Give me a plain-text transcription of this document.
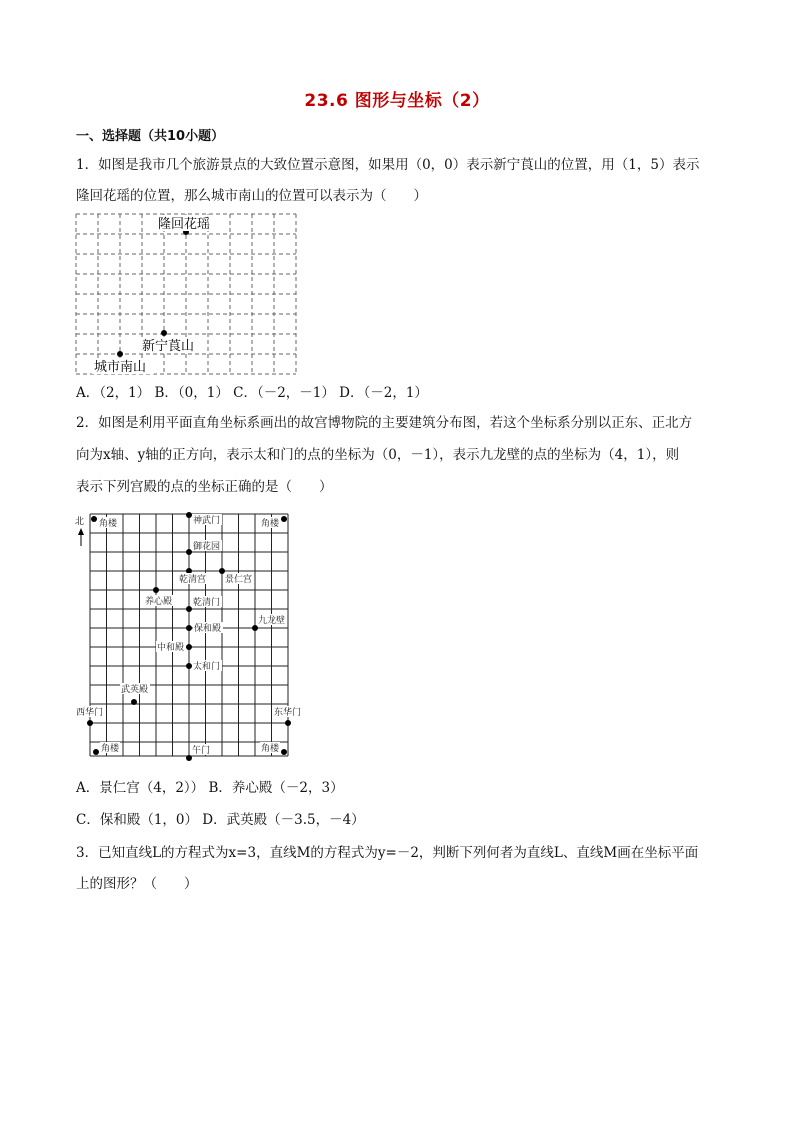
23.6 图形与坐标（2）
一、选择题（共10小题）
1．如图是我市几个旅游景点的大致位置示意图，如果用（0，0）表示新宁莨山的位置，用（1，5）表示
隆回花瑶的位置，那么城市南山的位置可以表示为（　　）
隆回花瑶
新宁莨山
城市南山
A．（2，1） B．（0，1） C．（－2，－1） D．（－2，1）
2．如图是利用平面直角坐标系画出的故宫博物院的主要建筑分布图，若这个坐标系分别以正东、正北方
向为x轴、y轴的正方向，表示太和门的点的坐标为（0，－1），表示九龙壁的点的坐标为（4，1），则
表示下列宫殿的点的坐标正确的是（　　）
北 角楼	角楼
神武门
御花园
乾清宫 景仁宫
养心殿 乾清门
九龙壁
保和殿
中和殿
太和门
武英殿
西华门	东华门
角楼	角楼
午门
A．景仁宫（4，2）） B．养心殿（－2，3）
C．保和殿（1，0） D．武英殿（－3.5，－4）
3．已知直线L的方程式为x=3，直线M的方程式为y=－2，判断下列何者为直线L、直线M画在坐标平面
上的图形？（　　）
